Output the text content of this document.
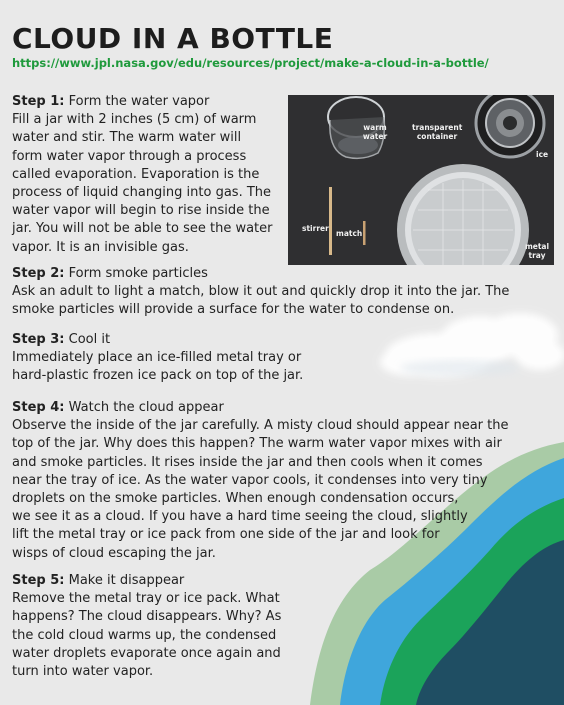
CLOUD IN A BOTTLE
https://www.jpl.nasa.gov/edu/resources/project/make-a-cloud-in-a-bottle/
warm water
transparent container
ice
stirrer
match
metal tray
Step 1: Form the water vapor
Fill a jar with 2 inches (5 cm) of warm
water and stir. The warm water will
form water vapor through a process
called evaporation. Evaporation is the
process of liquid changing into gas. The
water vapor will begin to rise inside the
jar. You will not be able to see the water
vapor. It is an invisible gas.
Step 2: Form smoke particles
Ask an adult to light a match, blow it out and quickly drop it into the jar. The
smoke particles will provide a surface for the water to condense on.
Step 3: Cool it
Immediately place an ice-filled metal tray or
hard-plastic frozen ice pack on top of the jar.
Step 4: Watch the cloud appear
Observe the inside of the jar carefully. A misty cloud should appear near the
top of the jar. Why does this happen? The warm water vapor mixes with air
and smoke particles. It rises inside the jar and then cools when it comes
near the tray of ice. As the water vapor cools, it condenses into very tiny
droplets on the smoke particles. When enough condensation occurs,
we see it as a cloud. If you have a hard time seeing the cloud, slightly
lift the metal tray or ice pack from one side of the jar and look for
wisps of cloud escaping the jar.
Step 5: Make it disappear
Remove the metal tray or ice pack. What
happens? The cloud disappears. Why? As
the cold cloud warms up, the condensed
water droplets evaporate once again and
turn into water vapor.
